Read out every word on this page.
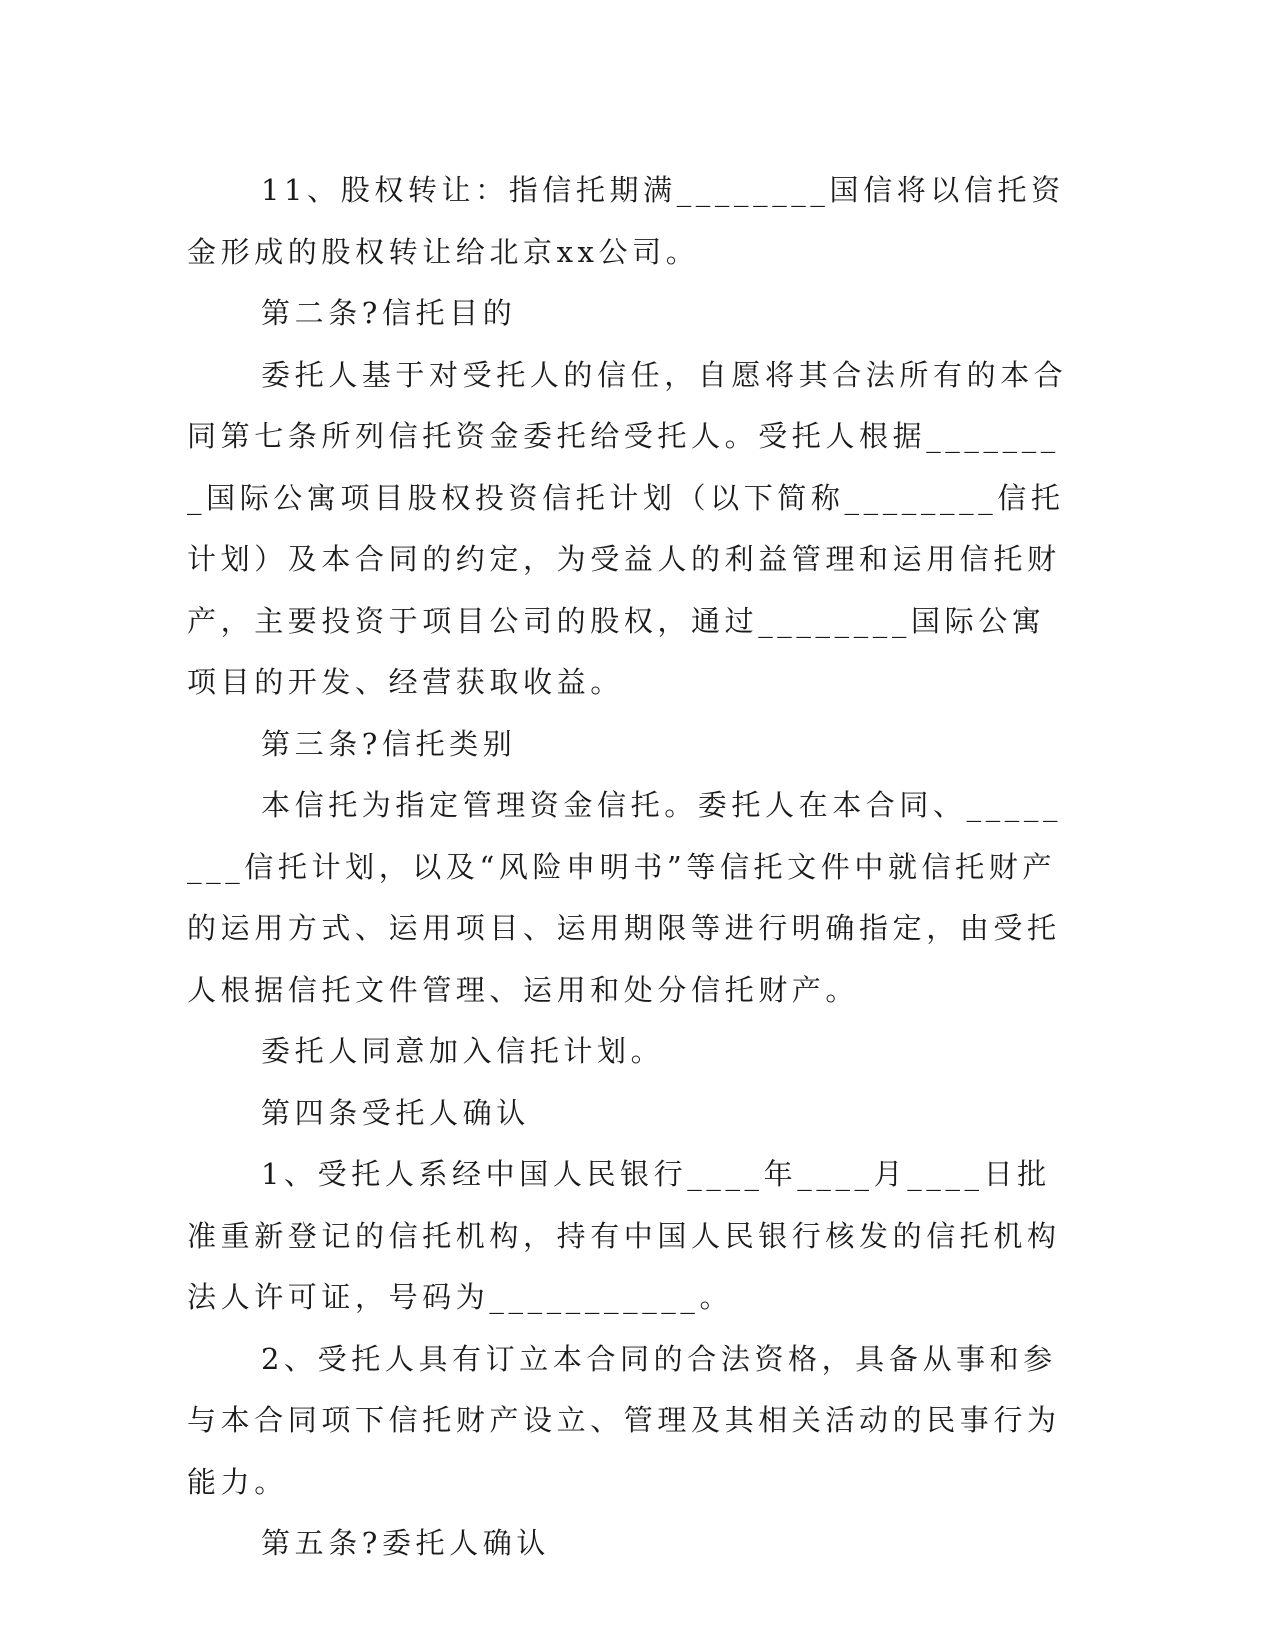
11、股权转让：指信托期满________国信将以信托资金形成的股权转让给北京xx公司。

第二条?信托目的

委托人基于对受托人的信任，自愿将其合法所有的本合同第七条所列信托资金委托给受托人。受托人根据________国际公寓项目股权投资信托计划（以下简称________信托计划）及本合同的约定，为受益人的利益管理和运用信托财产，主要投资于项目公司的股权，通过________国际公寓项目的开发、经营获取收益。

第三条?信托类别

本信托为指定管理资金信托。委托人在本合同、________信托计划，以及“风险申明书”等信托文件中就信托财产的运用方式、运用项目、运用期限等进行明确指定，由受托人根据信托文件管理、运用和处分信托财产。

委托人同意加入信托计划。

第四条受托人确认

1、受托人系经中国人民银行____年____月____日批准重新登记的信托机构，持有中国人民银行核发的信托机构法人许可证，号码为___________。

2、受托人具有订立本合同的合法资格，具备从事和参与本合同项下信托财产设立、管理及其相关活动的民事行为能力。

第五条?委托人确认
